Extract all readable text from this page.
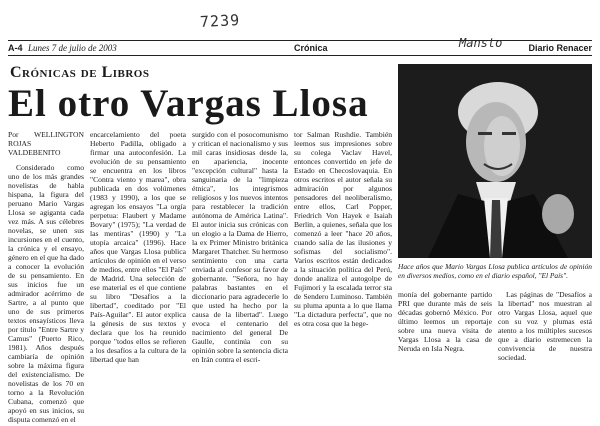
7239
Mansto
A-4 Lunes 7 de julio de 2003	Crónica	Diario Renacer
Crónicas de Libros
El otro Vargas Llosa
Por WELLINGTON ROJAS VALDEBENITO
Considerado como uno de los más grandes novelistas de habla hispana, la figura del peruano Mario Vargas Llosa se agiganta cada vez más. A sus célebres novelas, se unen sus incursiones en el cuento, la crónica y el ensayo, género en el que ha dado a conocer la evolución de su pensamiento. En sus inicios fue un admirador acérrimo de Sartre, a al punto que uno de sus primeros textos ensayísticos lleva por título "Entre Sartre y Camus" (Puerto Rico, 1981). Años después cambiaría de opinión sobre la máxima figura del existencialismo. De novelistas de los 70 en torno a la Revolución Cubana, comenzó que apoyó en sus inicios, su disputa comenzó en el
encarcelamiento del poeta Heberto Padilla, obligado a firmar una autoconfesión. La evolución de su pensamiento se encuentra en los libros "Contra viento y marea", obra publicada en dos volúmenes (1983 y 1990), a los que se agregan los ensayos "La orgía perpetua: Flaubert y Madame Bovary" (1975); "La verdad de las mentiras" (1990) y "La utopía arcaica" (1996). Hace años que Vargas Llosa publica artículos de opinión en el verso de medios, entre ellos "El País" de Madrid. Una selección de ese material es el que contiene su libro "Desafíos a la libertad", coeditado por "El País-Aguilar". El autor explica la génesis de sus textos y declara que los ha reunido porque "todos ellos se refieren a los desafíos a la cultura de la libertad que han
surgido con el posocomunismo y critican el nacionalismo y sus mil caras insidiosas desde la, en apariencia, inocente "excepción cultural" hasta la sanguinaria de la "limpieza étnica", los integrismos religiosos y los nuevos intentos para restablecer la tradición autónoma de América Latina". El autor inicia sus crónicas con un elogio a la Dama de Hierro, la ex Primer Ministro británica Margaret Thatcher. Su hermoso sentimiento con una carta enviada al confesor su favor de gobernante. "Señora, no hay palabras bastantes en el diccionario para agradecerle lo que usted ha hecho por la causa de la libertad". Luego evoca el centenario del nacimiento del general De Gaulle, continúa con su opinión sobre la sentencia dicta en Irán contra el escri-
tor Salman Rushdie. También leemos sus impresiones sobre su colega Vaclav Havel, entonces convertido en jefe de Estado en Checoslovaquia. En otros escritos el autor señala su admiración por algunos pensadores del neoliberalismo, entre ellos, Carl Popper, Friedrich Von Hayek e Isaiah Berlin, a quienes, señala que los comenzó a leer "hace 20 años, cuando salía de las ilusiones y sofismas del socialismo". Varios escritos están dedicados a la situación política del Perú, donde analiza el autogolpe de Fujimori y la escalada terror sta de Sendero Luminoso. También su pluma apunta a lo que llama "La dictadura perfecta", que no es otra cosa que la hege-
monía del gobernante partido PRI que durante más de seis décadas gobernó México. Por último leemos un reportaje sobre una nueva visita de Vargas Llosa a la casa de Neruda en Isla Negra.
Las páginas de "Desafíos a la libertad" nos muestran al otro Vargas Llosa, aquel que con su voz y plumas está atento a los múltiples sucesos que a diario estremecen la convivencia de nuestra sociedad.
Hace años que Mario Vargas Llosa publica artículos de opinión en diversos medios, como en el diario español, "El País".
